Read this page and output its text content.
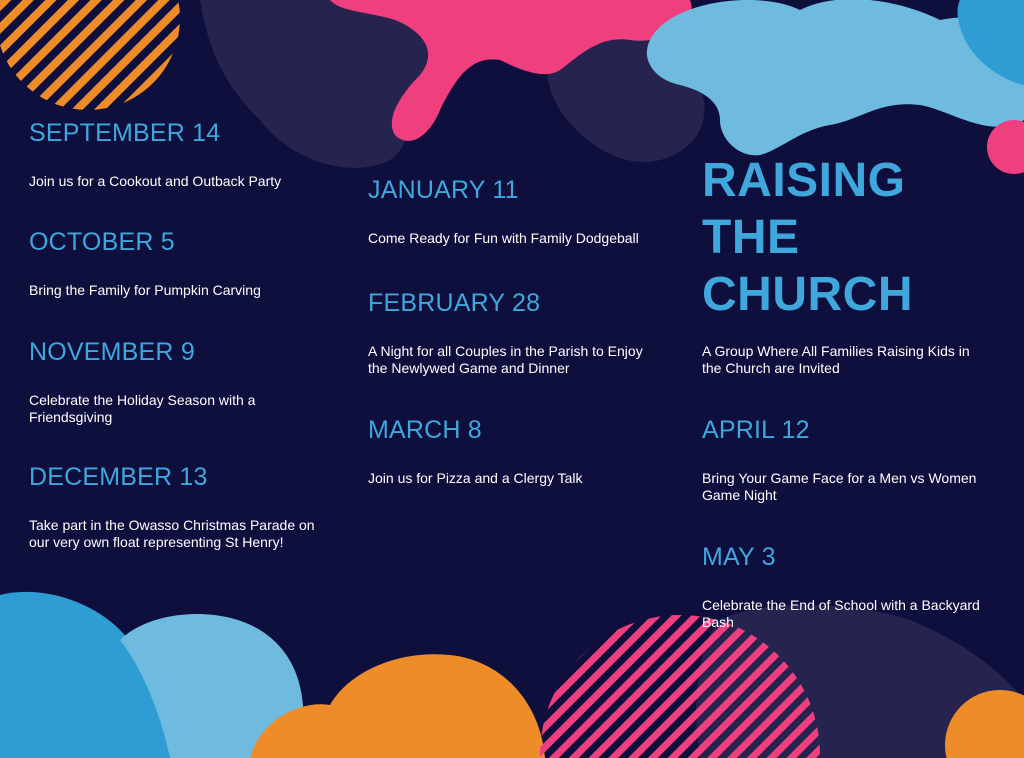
SEPTEMBER 14

Join us for a Cookout and Outback Party

OCTOBER 5

Bring the Family for Pumpkin Carving

NOVEMBER 9

Celebrate the Holiday Season with a Friendsgiving

DECEMBER 13

Take part in the Owasso Christmas Parade on our very own float representing St Henry!

JANUARY 11

Come Ready for Fun with Family Dodgeball

FEBRUARY 28

A Night for all Couples in the Parish to Enjoy the Newlywed Game and Dinner

MARCH 8

Join us for Pizza and a Clergy Talk

RAISING

THE

CHURCH

A Group Where All Families Raising Kids in the Church are Invited

APRIL 12

Bring Your Game Face for a Men vs Women Game Night

MAY 3

Celebrate the End of School with a Backyard Bash
